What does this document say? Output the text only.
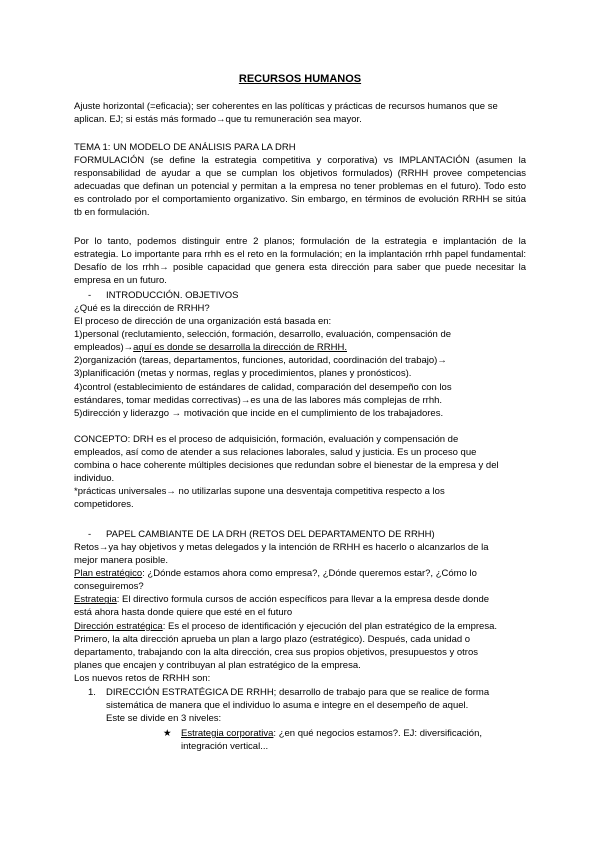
RECURSOS HUMANOS

Ajuste horizontal (=eficacia); ser coherentes en las políticas y prácticas de recursos humanos que se

aplican. EJ; si estás más formado→que tu remuneración sea mayor.

TEMA 1: UN MODELO DE ANÁLISIS PARA LA DRH

FORMULACIÓN (se define la estrategia competitiva y corporativa) vs IMPLANTACIÓN (asumen la responsabilidad de ayudar a que se cumplan los objetivos formulados) (RRHH provee competencias adecuadas que definan un potencial y permitan a la empresa no tener problemas en el futuro). Todo esto es controlado por el comportamiento organizativo. Sin embargo, en términos de evolución RRHH se sitúa tb en formulación.

Por lo tanto, podemos distinguir entre 2 planos; formulación de la estrategia e implantación de la estrategia. Lo importante para rrhh es el reto en la formulación; en la implantación rrhh papel fundamental: Desafío de los rrhh→ posible capacidad que genera esta dirección para saber que puede necesitar la empresa en un futuro.
- INTRODUCCIÓN. OBJETIVOS

¿Qué es la dirección de RRHH?

El proceso de dirección de una organización está basada en:

1)personal (reclutamiento, selección, formación, desarrollo, evaluación, compensación de

empleados)→aquí es donde se desarrolla la dirección de RRHH.

2)organización (tareas, departamentos, funciones, autoridad, coordinación del trabajo)→

3)planificación (metas y normas, reglas y procedimientos, planes y pronósticos).

4)control (establecimiento de estándares de calidad, comparación del desempeño con los

estándares, tomar medidas correctivas)→es una de las labores más complejas de rrhh.

5)dirección y liderazgo → motivación que incide en el cumplimiento de los trabajadores.

CONCEPTO: DRH es el proceso de adquisición, formación, evaluación y compensación de

empleados, así como de atender a sus relaciones laborales, salud y justicia. Es un proceso que

combina o hace coherente múltiples decisiones que redundan sobre el bienestar de la empresa y del

individuo.

*prácticas universales→ no utilizarlas supone una desventaja competitiva respecto a los

competidores.

- PAPEL CAMBIANTE DE LA DRH (RETOS DEL DEPARTAMENTO DE RRHH)

Retos→ya hay objetivos y metas delegados y la intención de RRHH es hacerlo o alcanzarlos de la

mejor manera posible.

Plan estratégico: ¿Dónde estamos ahora como empresa?, ¿Dónde queremos estar?, ¿Cómo lo

conseguiremos?

Estrategia: El directivo formula cursos de acción específicos para llevar a la empresa desde donde

está ahora hasta donde quiere que esté en el futuro

Dirección estratégica: Es el proceso de identificación y ejecución del plan estratégico de la empresa.

Primero, la alta dirección aprueba un plan a largo plazo (estratégico). Después, cada unidad o

departamento, trabajando con la alta dirección, crea sus propios objetivos, presupuestos y otros

planes que encajen y contribuyan al plan estratégico de la empresa.

Los nuevos retos de RRHH son:

1. DIRECCIÓN ESTRATÉGICA DE RRHH; desarrollo de trabajo para que se realice de forma

sistemática de manera que el individuo lo asuma e integre en el desempeño de aquel.

Este se divide en 3 niveles:

★ Estrategia corporativa: ¿en qué negocios estamos?. EJ: diversificación,

integración vertical...
